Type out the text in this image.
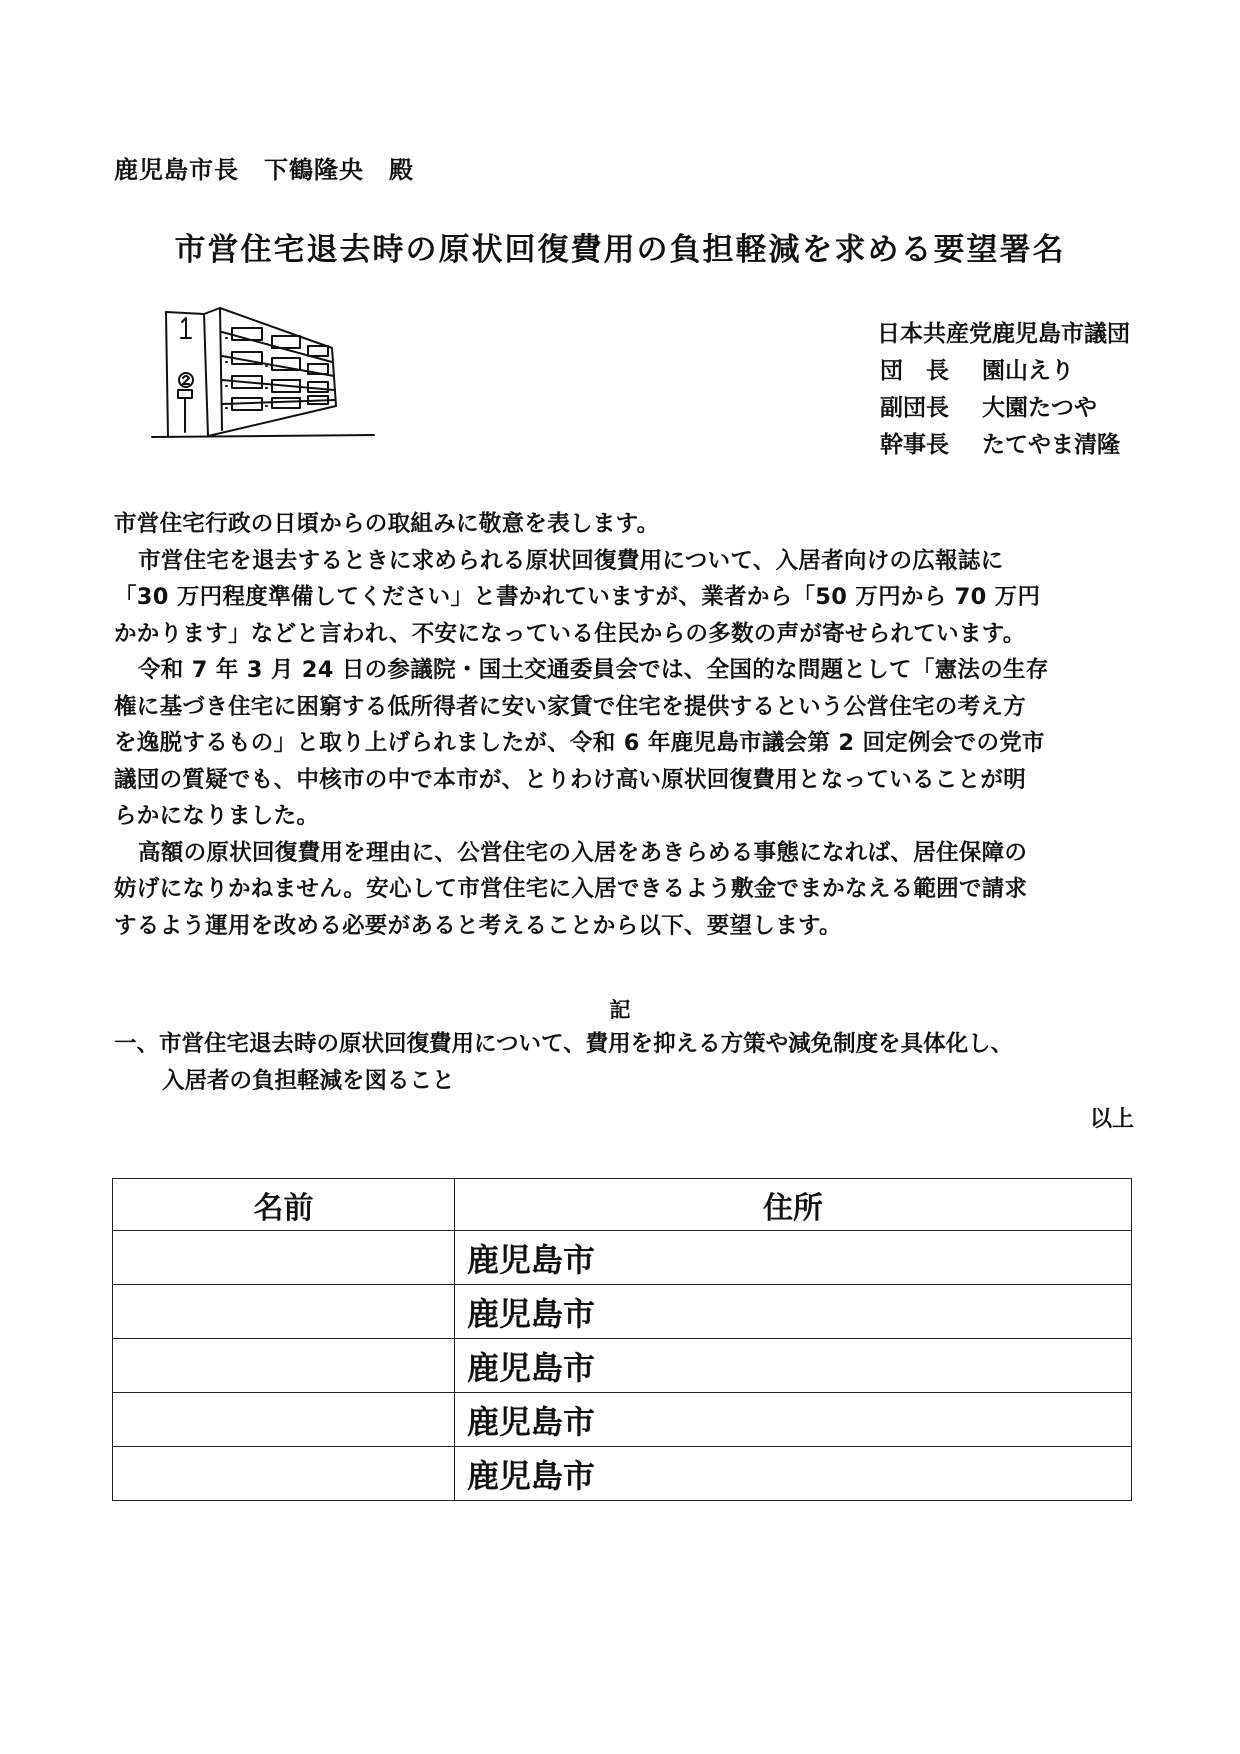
鹿児島市長　下鶴隆央　殿
市営住宅退去時の原状回復費用の負担軽減を求める要望署名
日本共産党鹿児島市議団
団　長	園山えり
副団長	大園たつや
幹事長	たてやま清隆

市営住宅行政の日頃からの取組みに敬意を表します。

市営住宅を退去するときに求められる原状回復費用について、入居者向けの広報誌に

「30 万円程度準備してください」と書かれていますが、業者から「50 万円から 70 万円

かかります」などと言われ、不安になっている住民からの多数の声が寄せられています。

令和 7 年 3 月 24 日の参議院・国土交通委員会では、全国的な問題として「憲法の生存

権に基づき住宅に困窮する低所得者に安い家賃で住宅を提供するという公営住宅の考え方

を逸脱するもの」と取り上げられましたが、令和 6 年鹿児島市議会第 2 回定例会での党市

議団の質疑でも、中核市の中で本市が、とりわけ高い原状回復費用となっていることが明

らかになりました。

高額の原状回復費用を理由に、公営住宅の入居をあきらめる事態になれば、居住保障の

妨げになりかねません。安心して市営住宅に入居できるよう敷金でまかなえる範囲で請求

するよう運用を改める必要があると考えることから以下、要望します。

記
一、市営住宅退去時の原状回復費用について、費用を抑える方策や減免制度を具体化し、
入居者の負担軽減を図ること
以上
名前	住所
	鹿児島市
	鹿児島市
	鹿児島市
	鹿児島市
	鹿児島市
